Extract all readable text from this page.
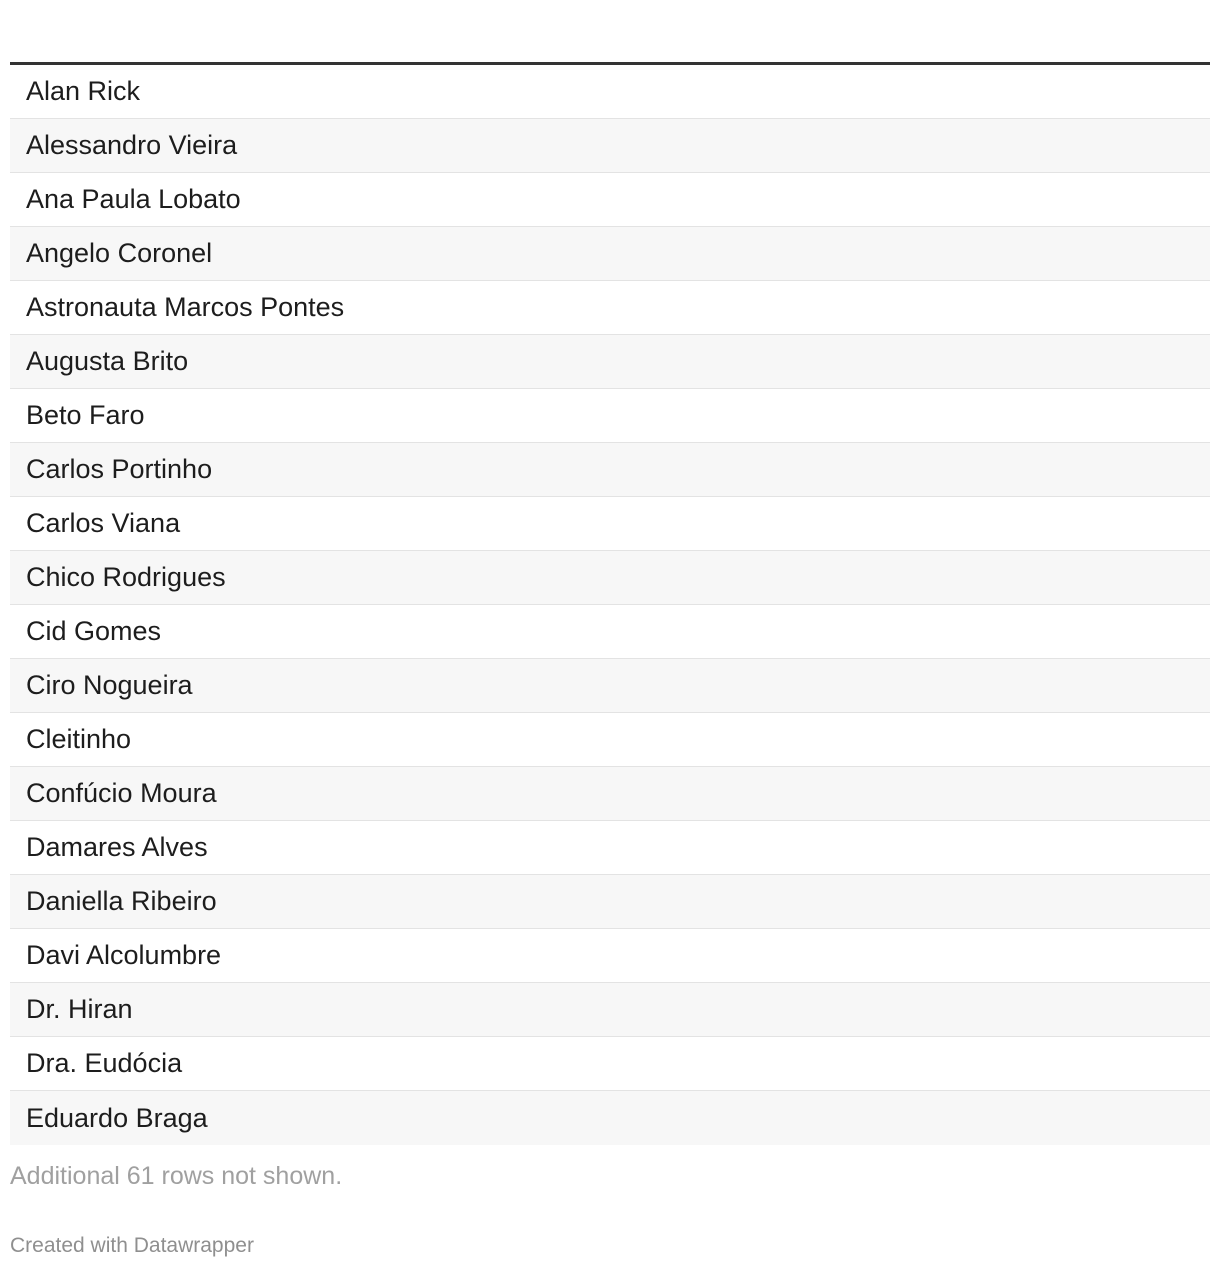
Alan Rick
Alessandro Vieira
Ana Paula Lobato
Angelo Coronel
Astronauta Marcos Pontes
Augusta Brito
Beto Faro
Carlos Portinho
Carlos Viana
Chico Rodrigues
Cid Gomes
Ciro Nogueira
Cleitinho
Confúcio Moura
Damares Alves
Daniella Ribeiro
Davi Alcolumbre
Dr. Hiran
Dra. Eudócia
Eduardo Braga
Additional 61 rows not shown.
Created with Datawrapper
